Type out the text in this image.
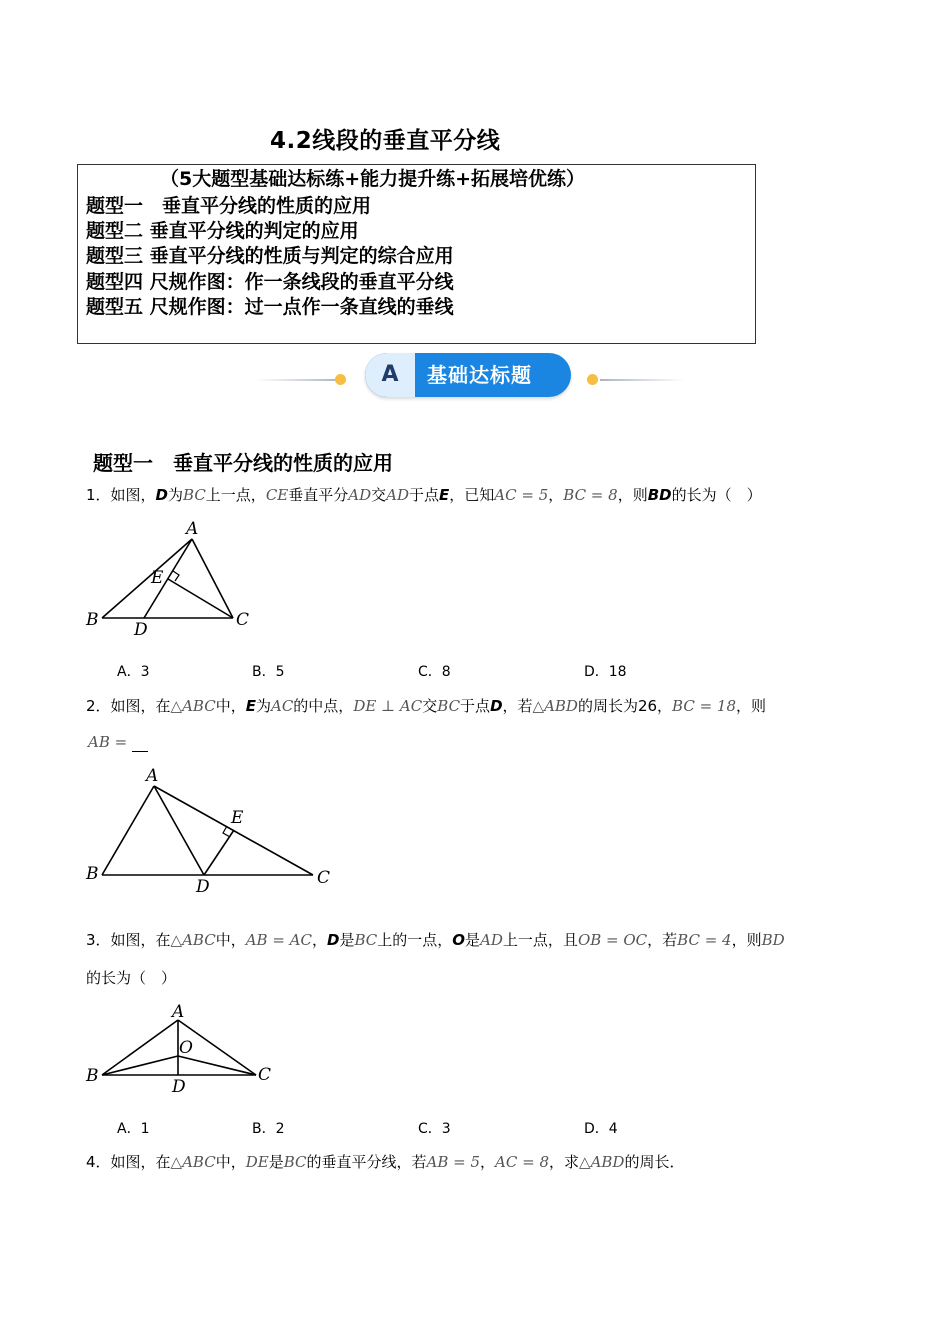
4.2线段的垂直平分线
（5大题型基础达标练+能力提升练+拓展培优练）
题型一　垂直平分线的性质的应用
题型二 垂直平分线的判定的应用
题型三 垂直平分线的性质与判定的综合应用
题型四 尺规作图：作一条线段的垂直平分线
题型五 尺规作图：过一点作一条直线的垂线
A	基础达标题
题型一　垂直平分线的性质的应用
1．如图，D为BC上一点，CE垂直平分AD交AD于点E，已知AC = 5，BC = 8，则BD的长为（　）
A
B	C
D
E
A．3	B．5	C．8	D．18
2．如图，在△ABC中，E为AC的中点，DE ⊥ AC交BC于点D，若△ABD的周长为26，BC = 18，则
AB =
A
B	C
D
E
3．如图，在△ABC中，AB = AC，D是BC上的一点，O是AD上一点，且OB = OC，若BC = 4，则BD
的长为（　）
A
B	C
D
O
A．1	B．2	C．3	D．4
4．如图，在△ABC中，DE是BC的垂直平分线，若AB = 5，AC = 8，求△ABD的周长．
